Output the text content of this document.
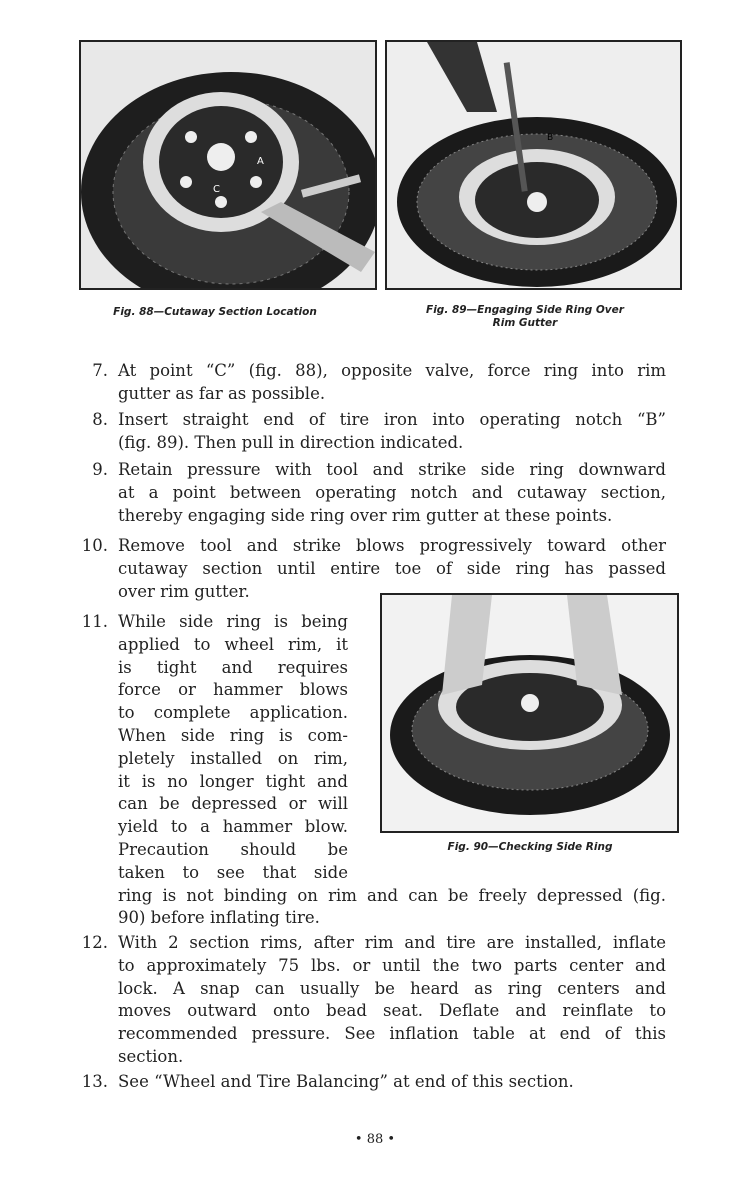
A
C
Fig. 88—Cutaway Section Location
B
Fig. 89—Engaging Side Ring Over
Rim Gutter
Fig. 90—Checking Side Ring
7. At point “C” (fig. 88), opposite valve, force ring into rim
gutter as far as possible.
8. Insert straight end of tire iron into operating notch “B”
(fig. 89). Then pull in direction indicated.
9. Retain pressure with tool and strike side ring downward
at a point between operating notch and cutaway section,
thereby engaging side ring over rim gutter at these points.
10. Remove tool and strike blows progressively toward other
cutaway section until entire toe of side ring has passed
over rim gutter.
11. While side ring is being
applied to wheel rim, it
is tight and requires
force or hammer blows
to complete application.
When side ring is com-
pletely installed on rim,
it is no longer tight and
can be depressed or will
yield to a hammer blow.
Precaution should be
taken to see that side
ring is not binding on rim and can be freely depressed (fig.
90) before inflating tire.
12. With 2 section rims, after rim and tire are installed, inflate
to approximately 75 lbs. or until the two parts center and
lock. A snap can usually be heard as ring centers and
moves outward onto bead seat. Deflate and reinflate to
recommended pressure. See inflation table at end of this
section.
13. See “Wheel and Tire Balancing” at end of this section.
• 88 •
